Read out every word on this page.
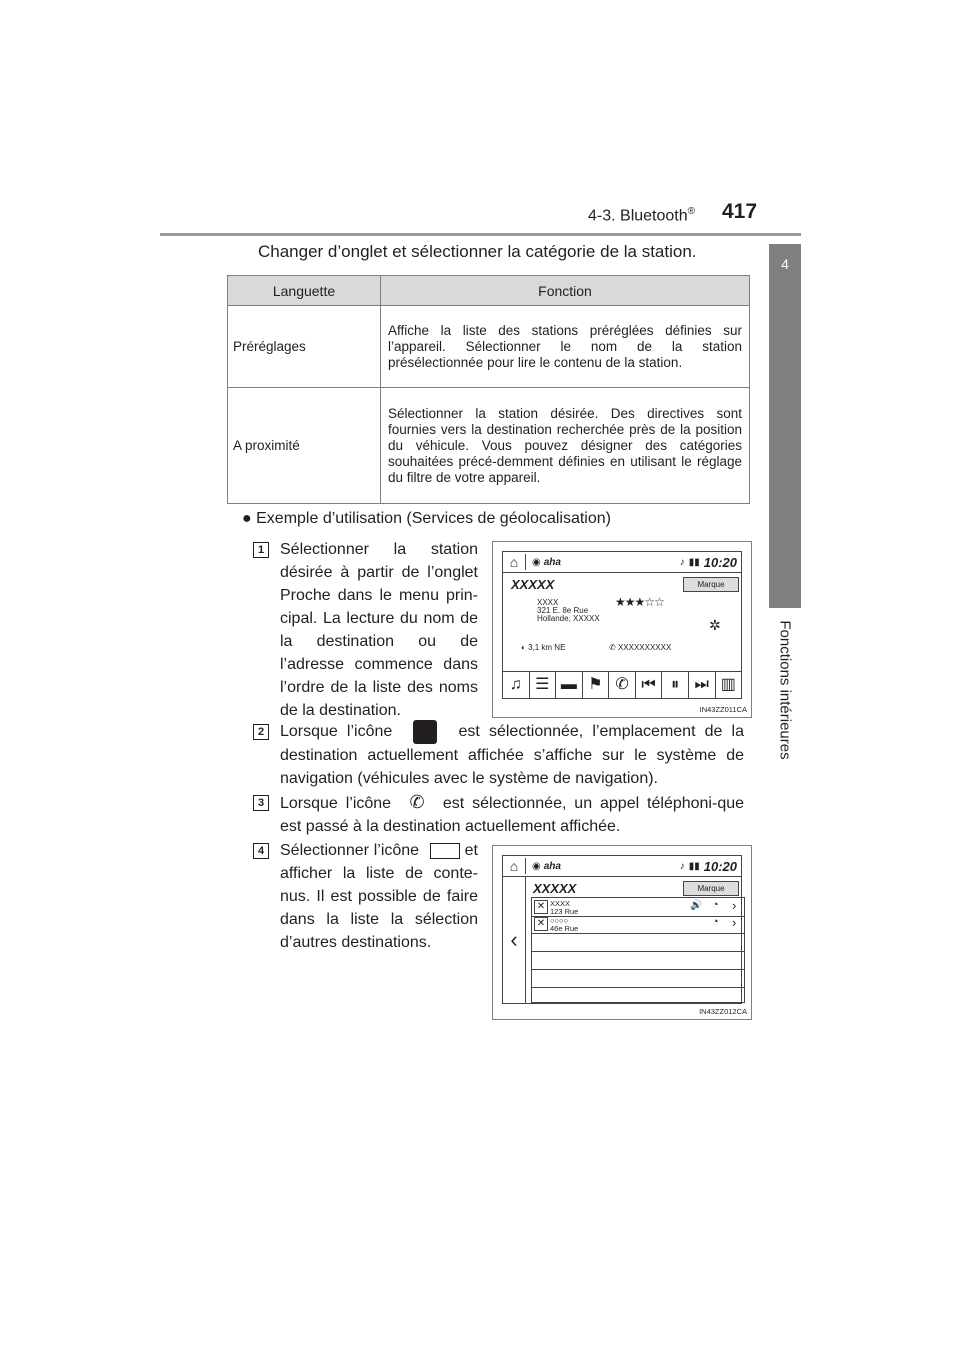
4-3. Bluetooth® 417
4
Fonctions intérieures
Changer d’onglet et sélectionner la catégorie de la station.
Languette	Fonction
Préréglages	Affiche la liste des stations préréglées définies sur l’appareil. Sélectionner le nom de la station présélectionnée pour lire le contenu de la station.
A proximité	Sélectionner la station désirée. Des directives sont fournies vers la destination recherchée près de la position du véhicule. Vous pouvez désigner des catégories souhaitées précé-demment définies en utilisant le réglage du filtre de votre appareil.
● Exemple d’utilisation (Services de géolocalisation)
1 Sélectionner la station désirée à partir de l’onglet Proche dans le menu prin-cipal. La lecture du nom de la destination ou de l’adresse commence dans l’ordre de la liste des noms de la destination.
⌂	◉ aha	♪ ▮▮ 10:20
XXXXX	Marque
XXXX
321 E. 8e Rue
Hollande, XXXXX
★★★☆☆
✲
◐ 3,1 km NE	✆ XXXXXXXXXX
♫ ☰ ▬ ⚑ ✆ ⏮ ⏸ ⏭ ▥
IN43ZZ011CA
2 Lorsque l’icône	est sélectionnée, l’emplacement de la destination actuellement affichée s’affiche sur le système de navigation (véhicules avec le système de navigation).
3 Lorsque l’icône ✆ est sélectionnée, un appel téléphoni-que est passé à la destination actuellement affichée.
4 Sélectionner l’icône	et afficher la liste de conte-nus. Il est possible de faire dans la liste la sélection d’autres destinations.
⌂	◉ aha	♪ ▮▮ 10:20
‹
XXXXX	Marque
✕ XXXX
123 Rue
🔊 ◔ ›
✕ ○○○○
46e Rue
◔ ›
IN43ZZ012CA
